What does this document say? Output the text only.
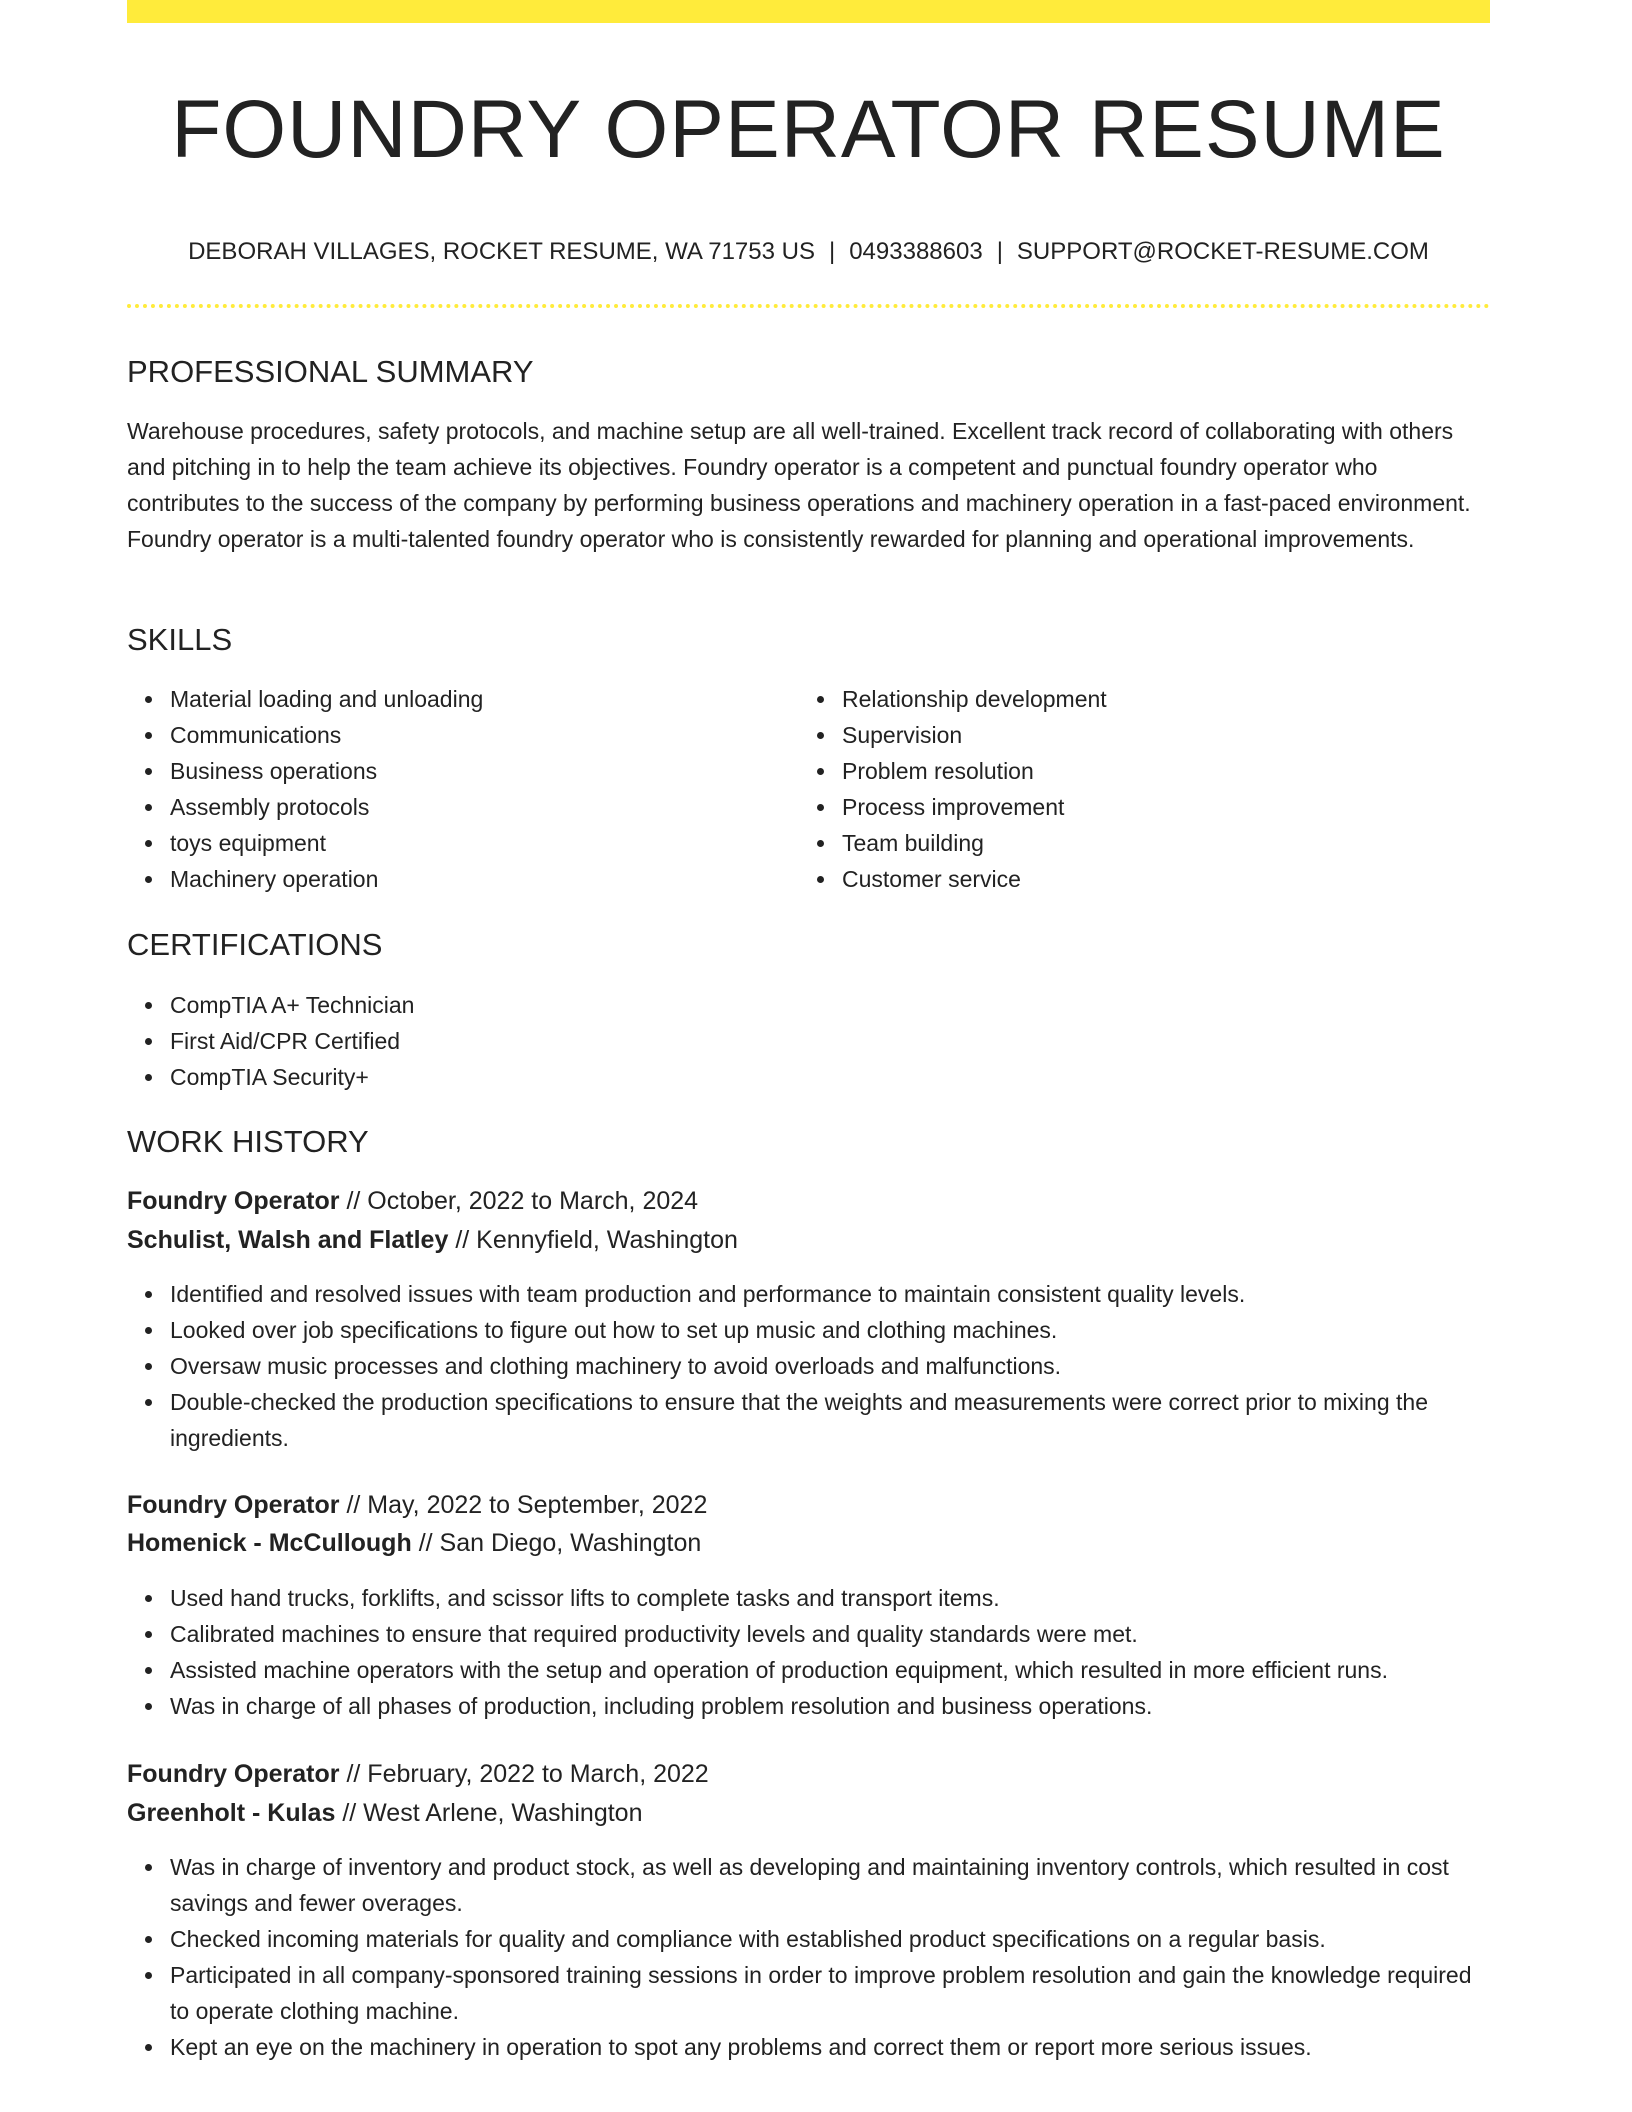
FOUNDRY OPERATOR RESUME
DEBORAH VILLAGES, ROCKET RESUME, WA 71753 US | 0493388603 | SUPPORT@ROCKET-RESUME.COM
PROFESSIONAL SUMMARY
Warehouse procedures, safety protocols, and machine setup are all well-trained. Excellent track record of collaborating with others and pitching in to help the team achieve its objectives. Foundry operator is a competent and punctual foundry operator who contributes to the success of the company by performing business operations and machinery operation in a fast-paced environment. Foundry operator is a multi-talented foundry operator who is consistently rewarded for planning and operational improvements.
SKILLS
Material loading and unloading
Communications
Business operations
Assembly protocols
toys equipment
Machinery operation
Relationship development
Supervision
Problem resolution
Process improvement
Team building
Customer service
CERTIFICATIONS
CompTIA A+ Technician
First Aid/CPR Certified
CompTIA Security+
WORK HISTORY
Foundry Operator // October, 2022 to March, 2024
Schulist, Walsh and Flatley // Kennyfield, Washington
Identified and resolved issues with team production and performance to maintain consistent quality levels.
Looked over job specifications to figure out how to set up music and clothing machines.
Oversaw music processes and clothing machinery to avoid overloads and malfunctions.
Double-checked the production specifications to ensure that the weights and measurements were correct prior to mixing the ingredients.
Foundry Operator // May, 2022 to September, 2022
Homenick - McCullough // San Diego, Washington
Used hand trucks, forklifts, and scissor lifts to complete tasks and transport items.
Calibrated machines to ensure that required productivity levels and quality standards were met.
Assisted machine operators with the setup and operation of production equipment, which resulted in more efficient runs.
Was in charge of all phases of production, including problem resolution and business operations.
Foundry Operator // February, 2022 to March, 2022
Greenholt - Kulas // West Arlene, Washington
Was in charge of inventory and product stock, as well as developing and maintaining inventory controls, which resulted in cost savings and fewer overages.
Checked incoming materials for quality and compliance with established product specifications on a regular basis.
Participated in all company-sponsored training sessions in order to improve problem resolution and gain the knowledge required to operate clothing machine.
Kept an eye on the machinery in operation to spot any problems and correct them or report more serious issues.
